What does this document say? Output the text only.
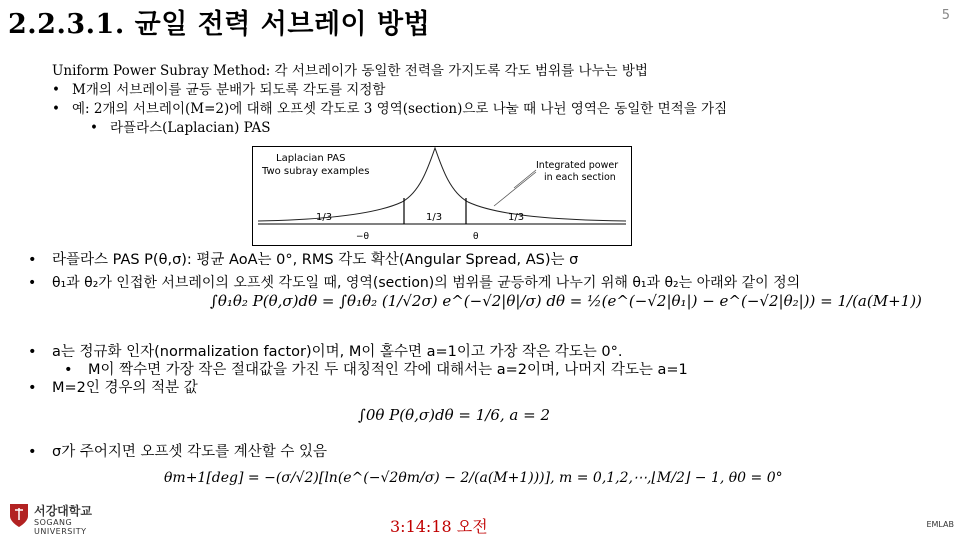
2.2.3.1. 균일 전력 서브레이 방법	5
Uniform Power Subray Method: 각 서브레이가 동일한 전력을 가지도록 각도 범위를 나누는 방법
• M개의 서브레이를 균등 분배가 되도록 각도를 지정함
• 예: 2개의 서브레이(M=2)에 대해 오프셋 각도로 3 영역(section)으로 나눌 때 나뉜 영역은 동일한 면적을 가짐
• 라플라스(Laplacian) PAS
Laplacian PAS
Two subray examples
Integrated power
in each section
1/3	1/3	1/3
−θ	θ
• 라플라스 PAS P(θ,σ): 평균 AoA는 0°, RMS 각도 확산(Angular Spread, AS)는 σ
• θ₁과 θ₂가 인접한 서브레이의 오프셋 각도일 때, 영역(section)의 범위를 균등하게 나누기 위해 θ₁과 θ₂는 아래와 같이 정의
∫θ₁θ₂ P(θ,σ)dθ = ∫θ₁θ₂ (1/√2σ) e^(−√2|θ|/σ) dθ = ½(e^(−√2|θ₁|) − e^(−√2|θ₂|)) = 1/(a(M+1))
• a는 정규화 인자(normalization factor)이며, M이 홀수면 a=1이고 가장 작은 각도는 0°.
• M이 짝수면 가장 작은 절대값을 가진 두 대칭적인 각에 대해서는 a=2이며, 나머지 각도는 a=1
• M=2인 경우의 적분 값
∫0θ P(θ,σ)dθ = 1/6, a = 2
• σ가 주어지면 오프셋 각도를 계산할 수 있음
θm+1[deg] = −(σ/√2)[ln(e^(−√2θm/σ) − 2/(a(M+1)))], m = 0,1,2,⋯,⌊M/2⌋ − 1, θ0 = 0°
서강대학교
SOGANG UNIVERSITY	3:14:18 오전	EMLAB
